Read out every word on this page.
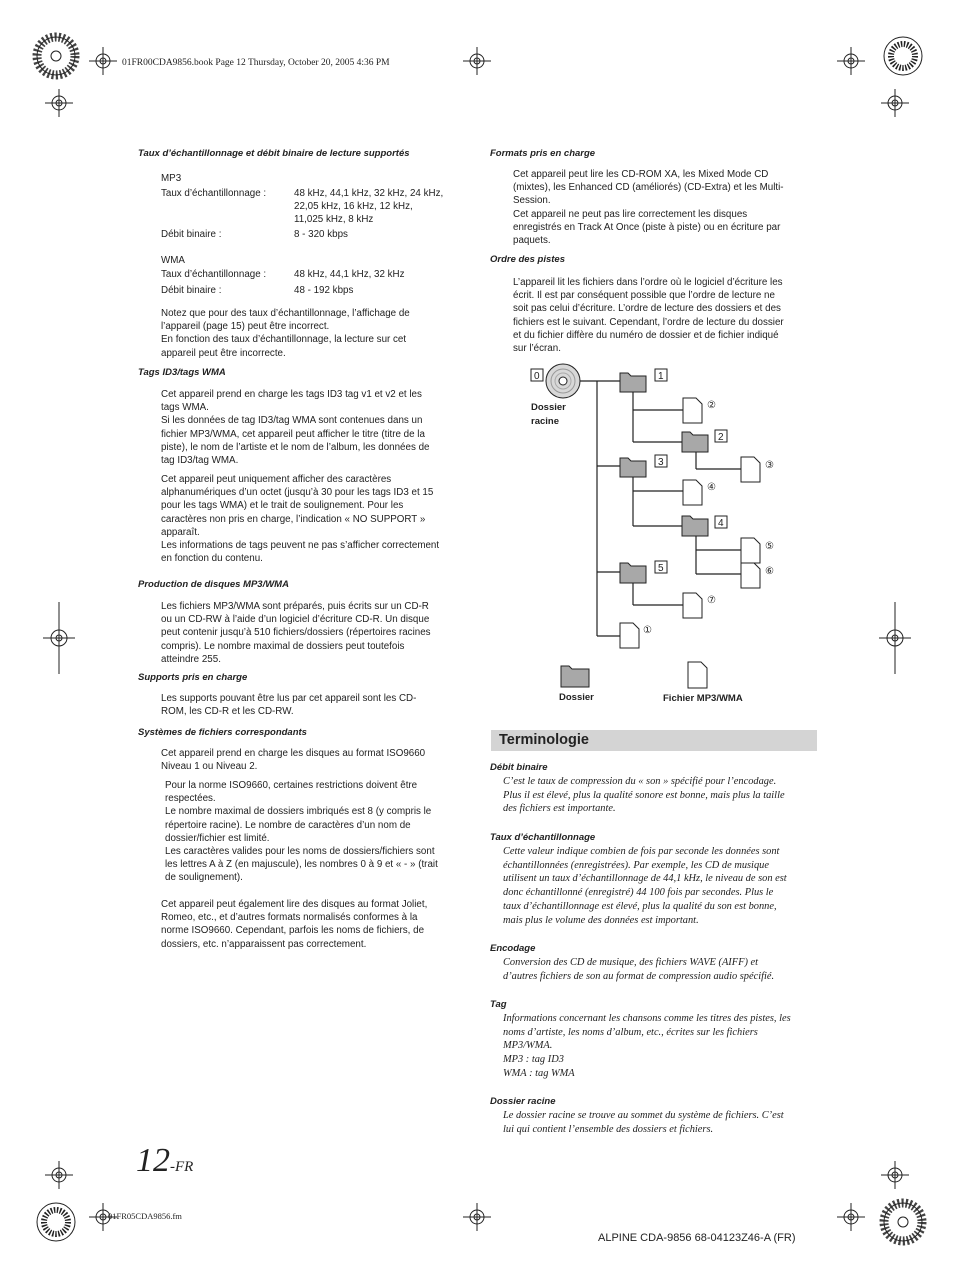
01FR00CDA9856.book Page 12 Thursday, October 20, 2005 4:36 PM
Taux d’échantillonnage et débit binaire de lecture supportés
MP3
Taux d’échantillonnage :	48 kHz, 44,1 kHz, 32 kHz, 24 kHz,
22,05 kHz, 16 kHz, 12 kHz,
11,025 kHz, 8 kHz
Débit binaire :	8 - 320 kbps
WMA
Taux d’échantillonnage :	48 kHz, 44,1 kHz, 32 kHz
Débit binaire :	48 - 192 kbps
Notez que pour des taux d’échantillonnage, l’affichage de
l’appareil (page 15) peut être incorrect.
En fonction des taux d’échantillonnage, la lecture sur cet
appareil peut être incorrecte.
Tags ID3/tags WMA
Cet appareil prend en charge les tags ID3 tag v1 et v2 et les
tags WMA.
Si les données de tag ID3/tag WMA sont contenues dans un
fichier MP3/WMA, cet appareil peut afficher le titre (titre de la
piste), le nom de l’artiste et le nom de l’album, les données de
tag ID3/tag WMA.
Cet appareil peut uniquement afficher des caractères
alphanumériques d’un octet (jusqu’à 30 pour les tags ID3 et 15
pour les tags WMA) et le trait de soulignement. Pour les
caractères non pris en charge, l’indication « NO SUPPORT »
apparaît.
Les informations de tags peuvent ne pas s’afficher correctement
en fonction du contenu.
Production de disques MP3/WMA
Les fichiers MP3/WMA sont préparés, puis écrits sur un CD-R
ou un CD-RW à l’aide d’un logiciel d’écriture CD-R. Un disque
peut contenir jusqu’à 510 fichiers/dossiers (répertoires racines
compris). Le nombre maximal de dossiers peut toutefois
atteindre 255.
Supports pris en charge
Les supports pouvant être lus par cet appareil sont les CD-
ROM, les CD-R et les CD-RW.
Systèmes de fichiers correspondants
Cet appareil prend en charge les disques au format ISO9660
Niveau 1 ou Niveau 2.
Pour la norme ISO9660, certaines restrictions doivent être
respectées.
Le nombre maximal de dossiers imbriqués est 8 (y compris le
répertoire racine). Le nombre de caractères d’un nom de
dossier/fichier est limité.
Les caractères valides pour les noms de dossiers/fichiers sont
les lettres A à Z (en majuscule), les nombres 0 à 9 et « - » (trait
de soulignement).
Cet appareil peut également lire des disques au format Joliet,
Romeo, etc., et d’autres formats normalisés conformes à la
norme ISO9660. Cependant, parfois les noms de fichiers, de
dossiers, etc. n’apparaissent pas correctement.
Formats pris en charge
Cet appareil peut lire les CD-ROM XA, les Mixed Mode CD
(mixtes), les Enhanced CD (améliorés) (CD-Extra) et les Multi-
Session.
Cet appareil ne peut pas lire correctement les disques
enregistrés en Track At Once (piste à piste) ou en écriture par
paquets.
Ordre des pistes
L’appareil lit les fichiers dans l’ordre où le logiciel d’écriture les
écrit. Il est par conséquent possible que l’ordre de lecture ne
soit pas celui d’écriture. L’ordre de lecture des dossiers et des
fichiers est le suivant. Cependant, l’ordre de lecture du dossier
et du fichier diffère du numéro de dossier et de fichier indiqué
sur l’écran.
0
Dossier
racine
1
2
3
4
5
②
③
④
⑤
⑥
⑦
①
Dossier	Fichier MP3/WMA
Terminologie
Débit binaire
C’est le taux de compression du « son » spécifié pour l’encodage.
Plus il est élevé, plus la qualité sonore est bonne, mais plus la taille
des fichiers est importante.
Taux d’échantillonnage
Cette valeur indique combien de fois par seconde les données sont
échantillonnées (enregistrées). Par exemple, les CD de musique
utilisent un taux d’échantillonnage de 44,1 kHz, le niveau de son est
donc échantillonné (enregistré) 44 100 fois par secondes. Plus le
taux d’échantillonnage est élevé, plus la qualité du son est bonne,
mais plus le volume des données est important.
Encodage
Conversion des CD de musique, des fichiers WAVE (AIFF) et
d’autres fichiers de son au format de compression audio spécifié.
Tag
Informations concernant les chansons comme les titres des pistes, les
noms d’artiste, les noms d’album, etc., écrites sur les fichiers
MP3/WMA.
MP3 : tag ID3
WMA : tag WMA
Dossier racine
Le dossier racine se trouve au sommet du système de fichiers. C’est
lui qui contient l’ensemble des dossiers et fichiers.
12-FR
01FR05CDA9856.fm
ALPINE CDA-9856 68-04123Z46-A (FR)
